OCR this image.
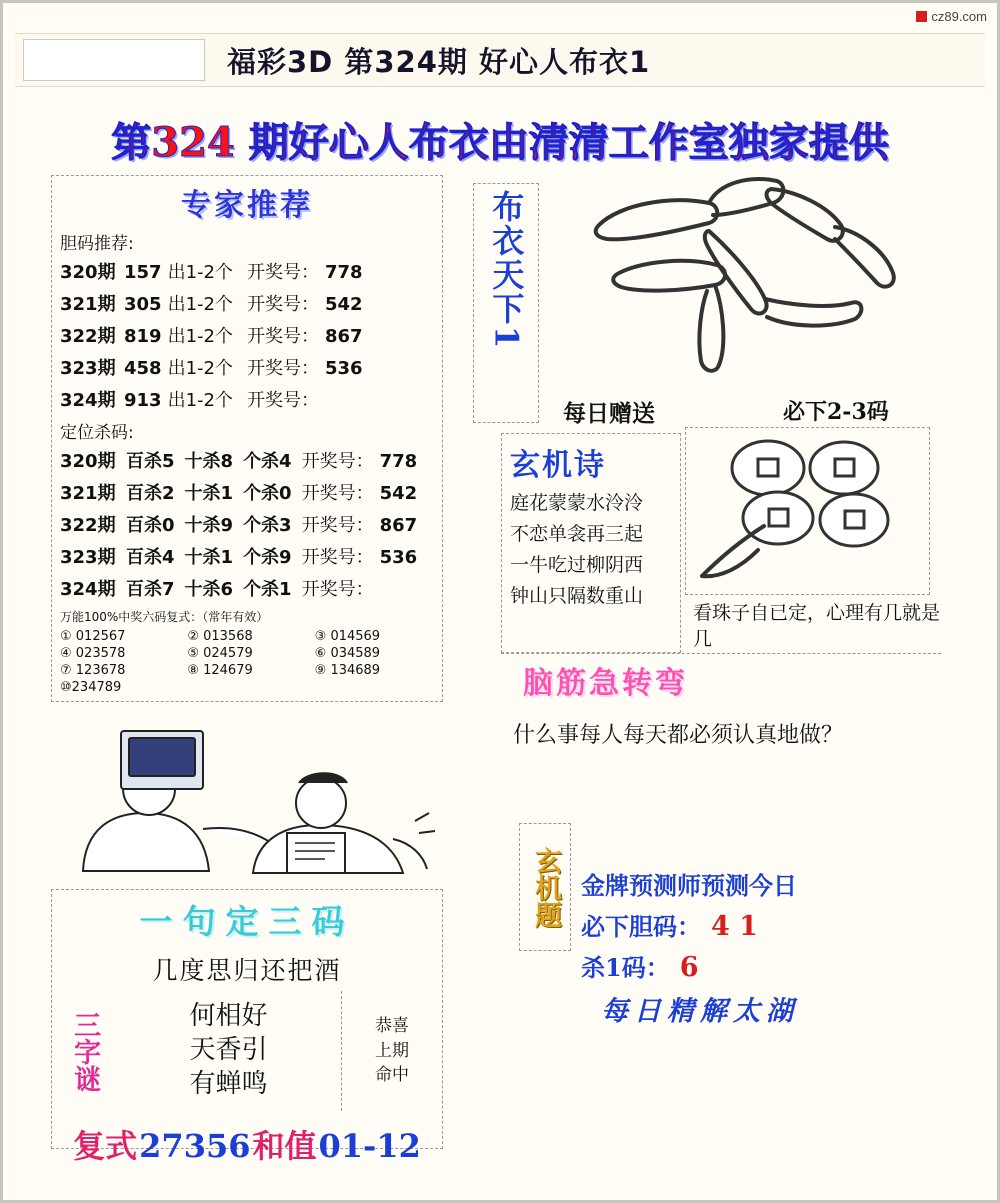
cz89.com
福彩3D 第324期 好心人布衣1
第324 期好心人布衣由清清工作室独家提供
专家推荐
胆码推荐:
320期 157 出1-2个 开奖号： 778
321期 305 出1-2个 开奖号： 542
322期 819 出1-2个 开奖号： 867
323期 458 出1-2个 开奖号： 536
324期 913 出1-2个 开奖号：
定位杀码:
320期 百杀5 十杀8 个杀4 开奖号： 778
321期 百杀2 十杀1 个杀0 开奖号： 542
322期 百杀0 十杀9 个杀3 开奖号： 867
323期 百杀4 十杀1 个杀9 开奖号： 536
324期 百杀7 十杀6 个杀1 开奖号：
万能100%中奖六码复式：（常年有效）
① 012567	② 013568	③ 014569
④ 023578	⑤ 024579	⑥ 034589
⑦ 123678	⑧ 124679	⑨ 134689
⑩234789
一句定三码
几度思归还把酒
三字谜	何相好
天香引
有蝉鸣
恭喜
上期
命中
复式 27356 和值 01-12
布衣天下1
每日赠送	必下2-3码
看珠子自已定，心理有几就是几
玄机诗
庭花蒙蒙水泠泠
不恋单衾再三起
一牛吃过柳阴西
钟山只隔数重山
脑筋急转弯
什么事每人每天都必须认真地做？
玄机题 金牌预测师预测今日
必下胆码： 4 1
杀1码： 6
每日精解太湖
